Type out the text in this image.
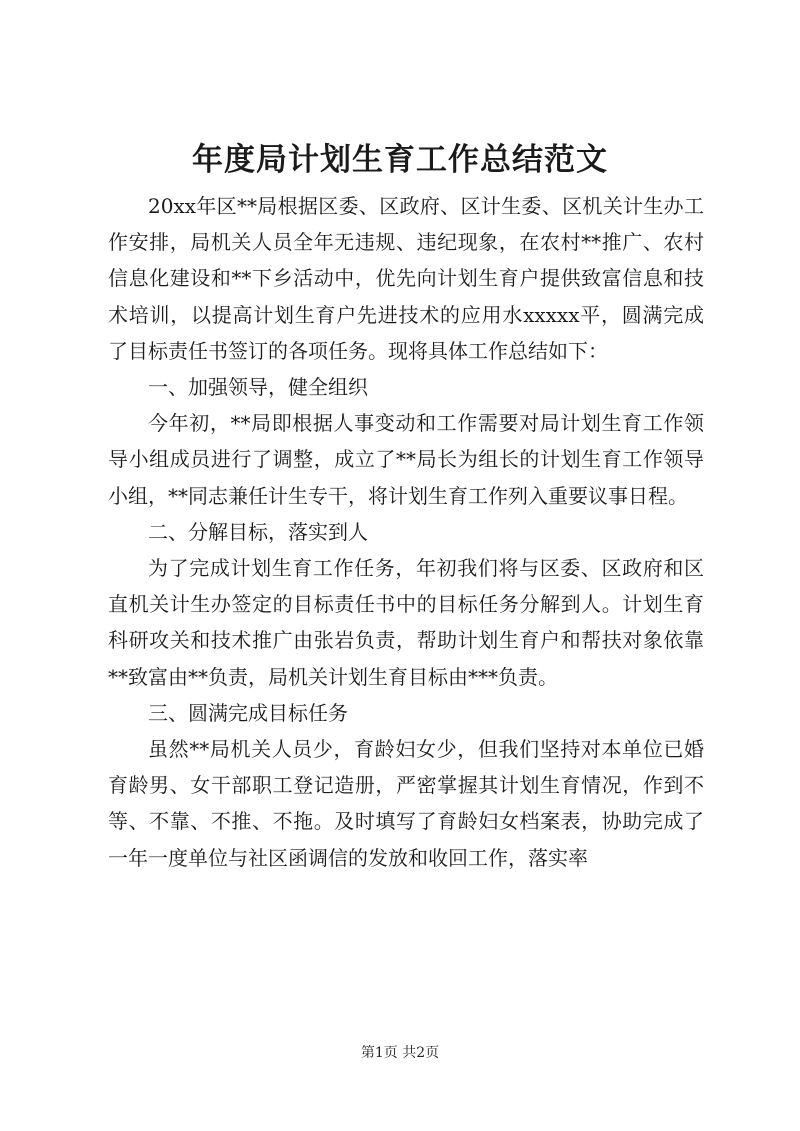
年度局计划生育工作总结范文

20xx年区**局根据区委、区政府、区计生委、区机关计生办工作安排，局机关人员全年无违规、违纪现象，在农村**推广、农村信息化建设和**下乡活动中，优先向计划生育户提供致富信息和技术培训，以提高计划生育户先进技术的应用水xxxxx平，圆满完成了目标责任书签订的各项任务。现将具体工作总结如下：

一、加强领导，健全组织

今年初，**局即根据人事变动和工作需要对局计划生育工作领导小组成员进行了调整，成立了**局长为组长的计划生育工作领导小组，**同志兼任计生专干，将计划生育工作列入重要议事日程。

二、分解目标，落实到人

为了完成计划生育工作任务，年初我们将与区委、区政府和区直机关计生办签定的目标责任书中的目标任务分解到人。计划生育科研攻关和技术推广由张岩负责，帮助计划生育户和帮扶对象依靠**致富由**负责，局机关计划生育目标由***负责。

三、圆满完成目标任务

虽然**局机关人员少，育龄妇女少，但我们坚持对本单位已婚育龄男、女干部职工登记造册，严密掌握其计划生育情况，作到不等、不靠、不推、不拖。及时填写了育龄妇女档案表，协助完成了一年一度单位与社区函调信的发放和收回工作，落实率

第1页 共2页
